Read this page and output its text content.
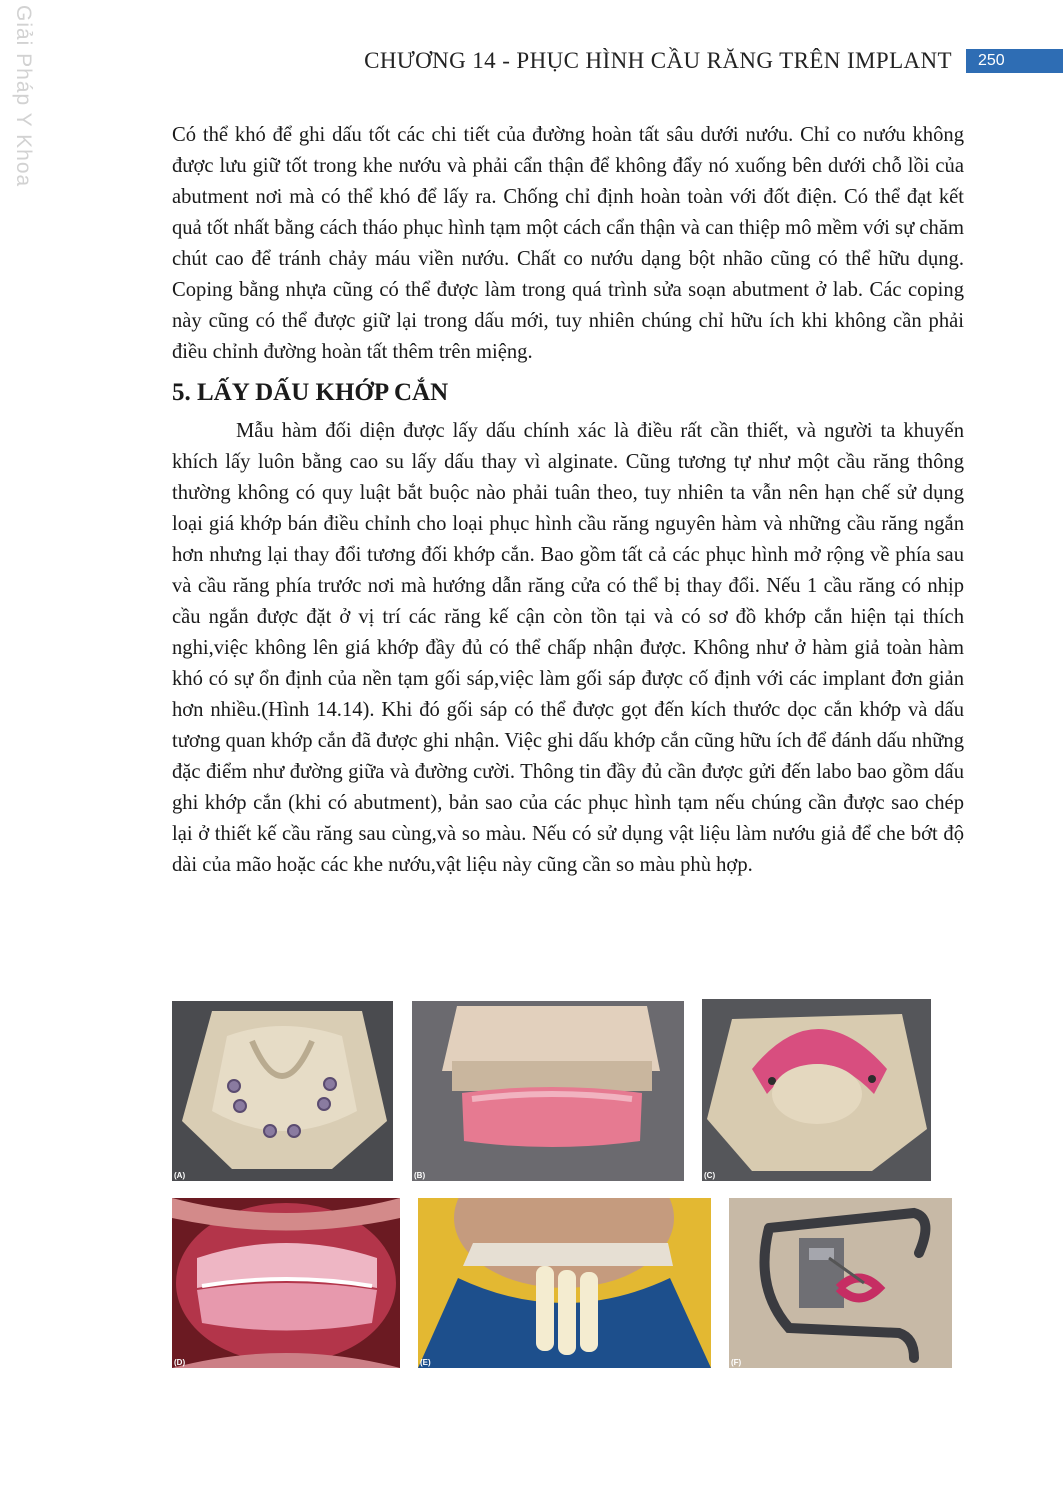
Giải Pháp Y Khoa	CHƯƠNG 14 - PHỤC HÌNH CẦU RĂNG TRÊN IMPLANT	250

Có thể khó để ghi dấu tốt các chi tiết của đường hoàn tất sâu dưới nướu. Chỉ co nướu không được lưu giữ tốt trong khe nướu và phải cẩn thận để không đẩy nó xuống bên dưới chỗ lồi của abutment nơi mà có thể khó để lấy ra. Chống chỉ định hoàn toàn với đốt điện. Có thể đạt kết quả tốt nhất bằng cách tháo phục hình tạm một cách cẩn thận và can thiệp mô mềm với sự chăm chút cao để tránh chảy máu viền nướu. Chất co nướu dạng bột nhão cũng có thể hữu dụng. Coping bằng nhựa cũng có thể được làm trong quá trình sửa soạn abutment ở lab. Các coping này cũng có thể được giữ lại trong dấu mới, tuy nhiên chúng chỉ hữu ích khi không cần phải điều chỉnh đường hoàn tất thêm trên miệng.

5. LẤY DẤU KHỚP CẮN

Mẫu hàm đối diện được lấy dấu chính xác là điều rất cần thiết, và người ta khuyến khích lấy luôn bằng cao su lấy dấu thay vì alginate. Cũng tương tự như một cầu răng thông thường không có quy luật bắt buộc nào phải tuân theo, tuy nhiên ta vẫn nên hạn chế sử dụng loại giá khớp bán điều chỉnh cho loại phục hình cầu răng nguyên hàm và những cầu răng ngắn hơn nhưng lại thay đổi tương đối khớp cắn. Bao gồm tất cả các phục hình mở rộng về phía sau và cầu răng phía trước nơi mà hướng dẫn răng cửa có thể bị thay đổi. Nếu 1 cầu răng có nhịp cầu ngắn được đặt ở vị trí các răng kế cận còn tồn tại và có sơ đồ khớp cắn hiện tại thích nghi,việc không lên giá khớp đầy đủ có thể chấp nhận được. Không như ở hàm giả toàn hàm khó có sự ổn định của nền tạm gối sáp,việc làm gối sáp được cố định với các implant đơn giản hơn nhiều.(Hình 14.14). Khi đó gối sáp có thể được gọt đến kích thước dọc cắn khớp và dấu tương quan khớp cắn đã được ghi nhận. Việc ghi dấu khớp cắn cũng hữu ích để đánh dấu những đặc điểm như đường giữa và đường cười. Thông tin đầy đủ cần được gửi đến labo bao gồm dấu ghi khớp cắn (khi có abutment), bản sao của các phục hình tạm nếu chúng cần được sao chép lại ở thiết kế cầu răng sau cùng,và so màu. Nếu có sử dụng vật liệu làm nướu giả để che bớt độ dài của mão hoặc các khe nướu,vật liệu này cũng cần so màu phù hợp.

(A)	(B)	(C)
(D)	(E)	(F)
